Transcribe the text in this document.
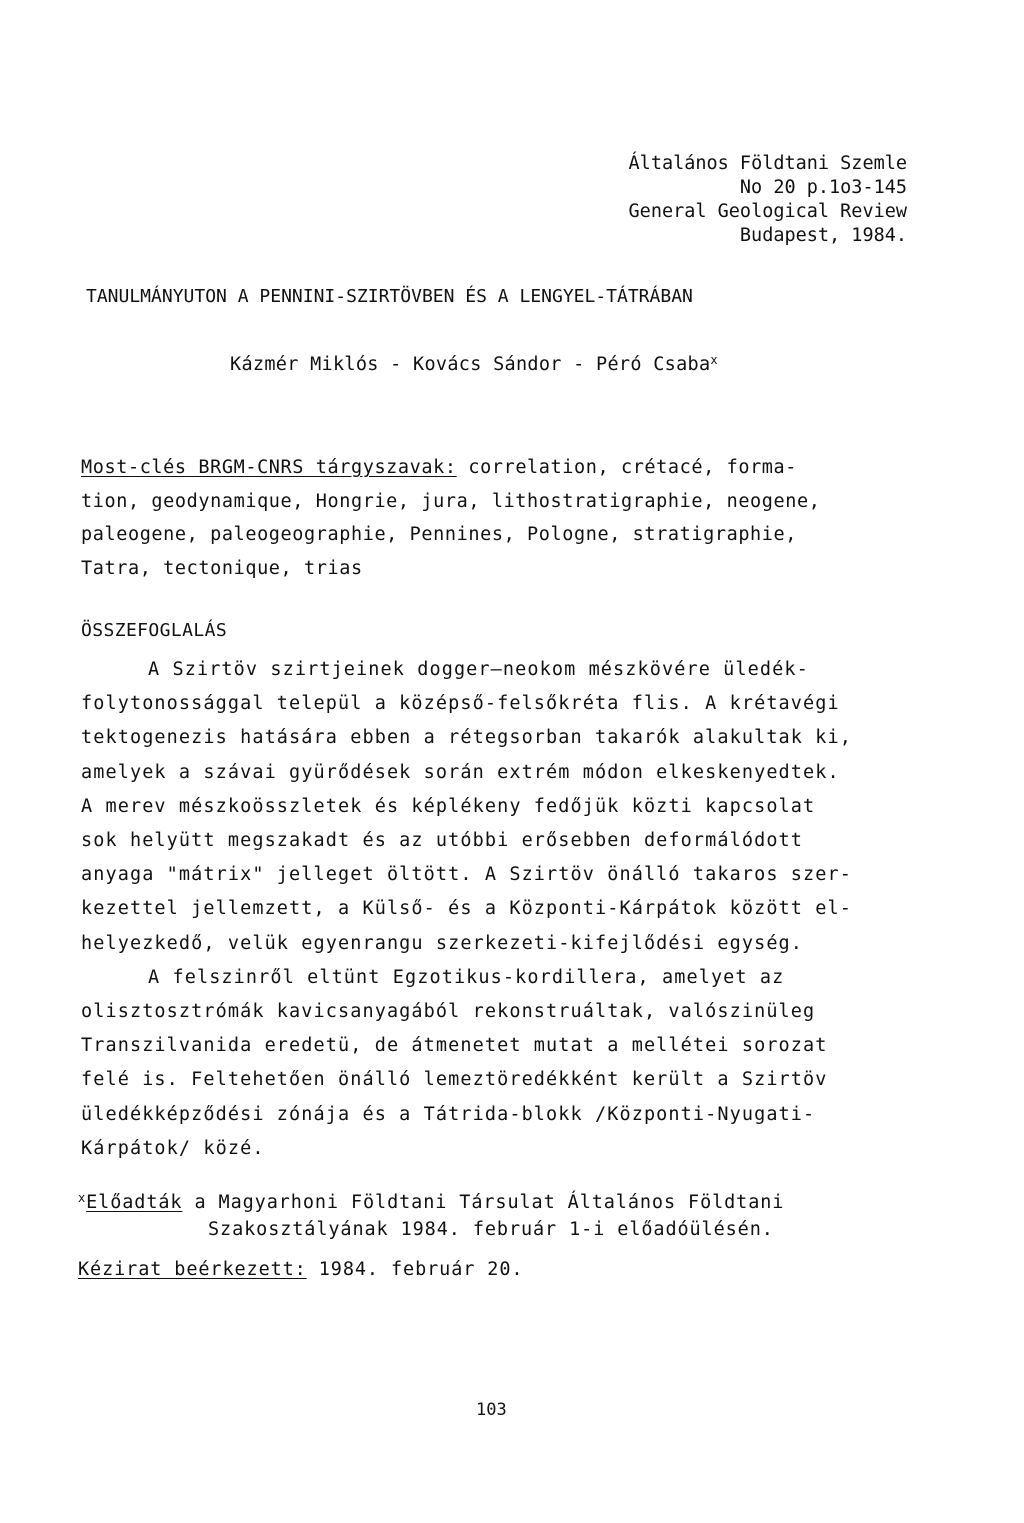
Általános Földtani Szemle
No 20 p.1o3-145
General Geological Review
Budapest, 1984.
TANULMÁNYUTON A PENNINI-SZIRTÖVBEN ÉS A LENGYEL-TÁTRÁBAN
Kázmér Miklós - Kovács Sándor - Péró Csaba$^x$
Most-clés BRGM-CNRS tárgyszavak: correlation, crétacé, forma-
tion, geodynamique, Hongrie, jura, lithostratigraphie, neogene,
paleogene, paleogeographie, Pennines, Pologne, stratigraphie,
Tatra, tectonique, trias
ÖSSZEFOGLALÁS
A Szirtöv szirtjeinek dogger—neokom mészkövére üledék-
folytonossággal települ a középső-felsőkréta flis. A krétavégi
tektogenezis hatására ebben a rétegsorban takarók alakultak ki,
amelyek a szávai gyürődések során extrém módon elkeskenyedtek.
A merev mészkoösszletek és képlékeny fedőjük közti kapcsolat
sok helyütt megszakadt és az utóbbi erősebben deformálódott
anyaga "mátrix" jelleget öltött. A Szirtöv önálló takaros szer-
kezettel jellemzett, a Külső- és a Központi-Kárpátok között el-
helyezkedő, velük egyenrangu szerkezeti-kifejlődési egység.
A felszinről eltünt Egzotikus-kordillera, amelyet az
olisztosztrómák kavicsanyagából rekonstruáltak, valószinüleg
Transzilvanida eredetü, de átmenetet mutat a mellétei sorozat
felé is. Feltehetően önálló lemeztöredékként került a Szirtöv
üledékképződési zónája és a Tátrida-blokk /Központi-Nyugati-
Kárpátok/ közé.
$^x$Előadták a Magyarhoni Földtani Társulat Általános Földtani
Szakosztályának 1984. február 1-i előadóülésén.
Kézirat beérkezett: 1984. február 20.
103
